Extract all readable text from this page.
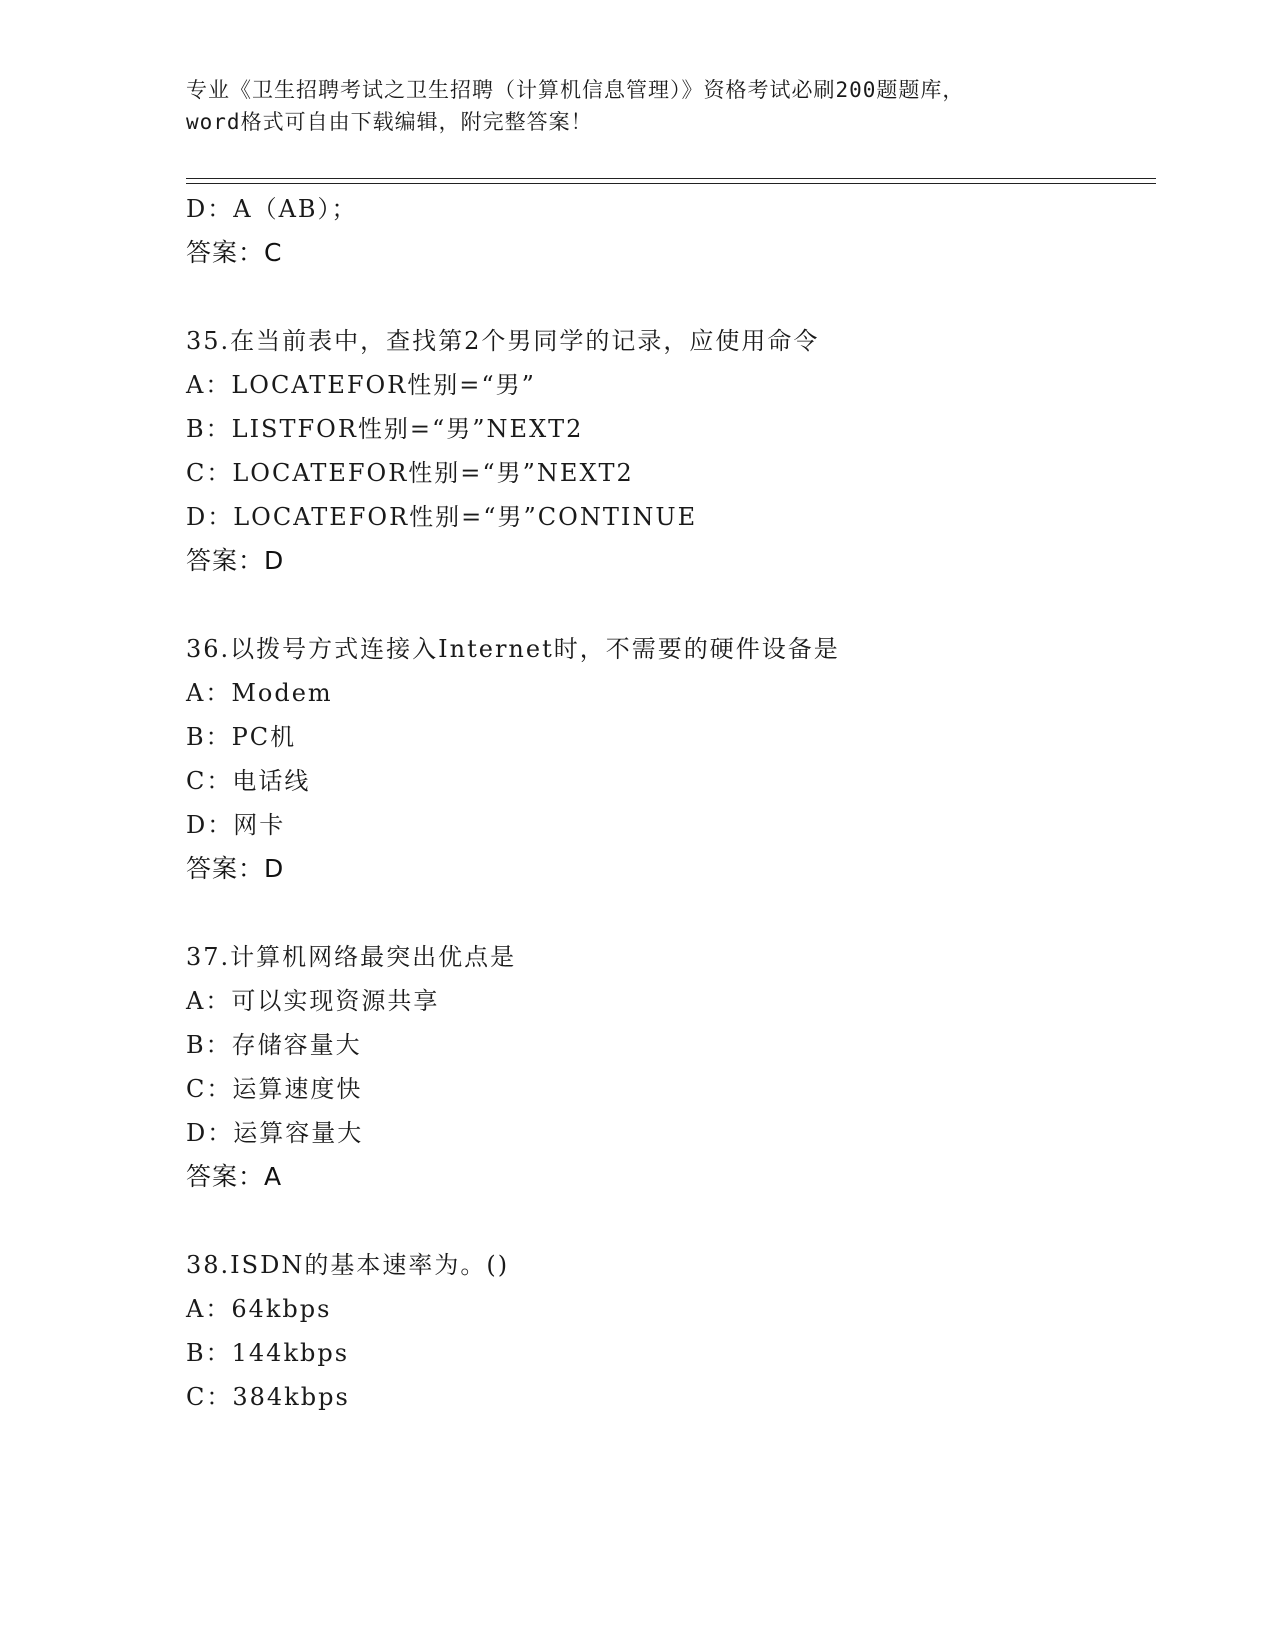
专业《卫生招聘考试之卫生招聘（计算机信息管理）》资格考试必刷200题题库，
word格式可自由下载编辑，附完整答案！
D：A（AB）；
答案：C
35.在当前表中，查找第2个男同学的记录，应使用命令
A：LOCATEFOR性别=“男”
B：LISTFOR性别=“男”NEXT2
C：LOCATEFOR性别=“男”NEXT2
D：LOCATEFOR性别=“男”CONTINUE
答案：D
36.以拨号方式连接入Internet时，不需要的硬件设备是
A：Modem
B：PC机
C：电话线
D：网卡
答案：D
37.计算机网络最突出优点是
A：可以实现资源共享
B：存储容量大
C：运算速度快
D：运算容量大
答案：A
38.ISDN的基本速率为。()
A：64kbps
B：144kbps
C：384kbps
